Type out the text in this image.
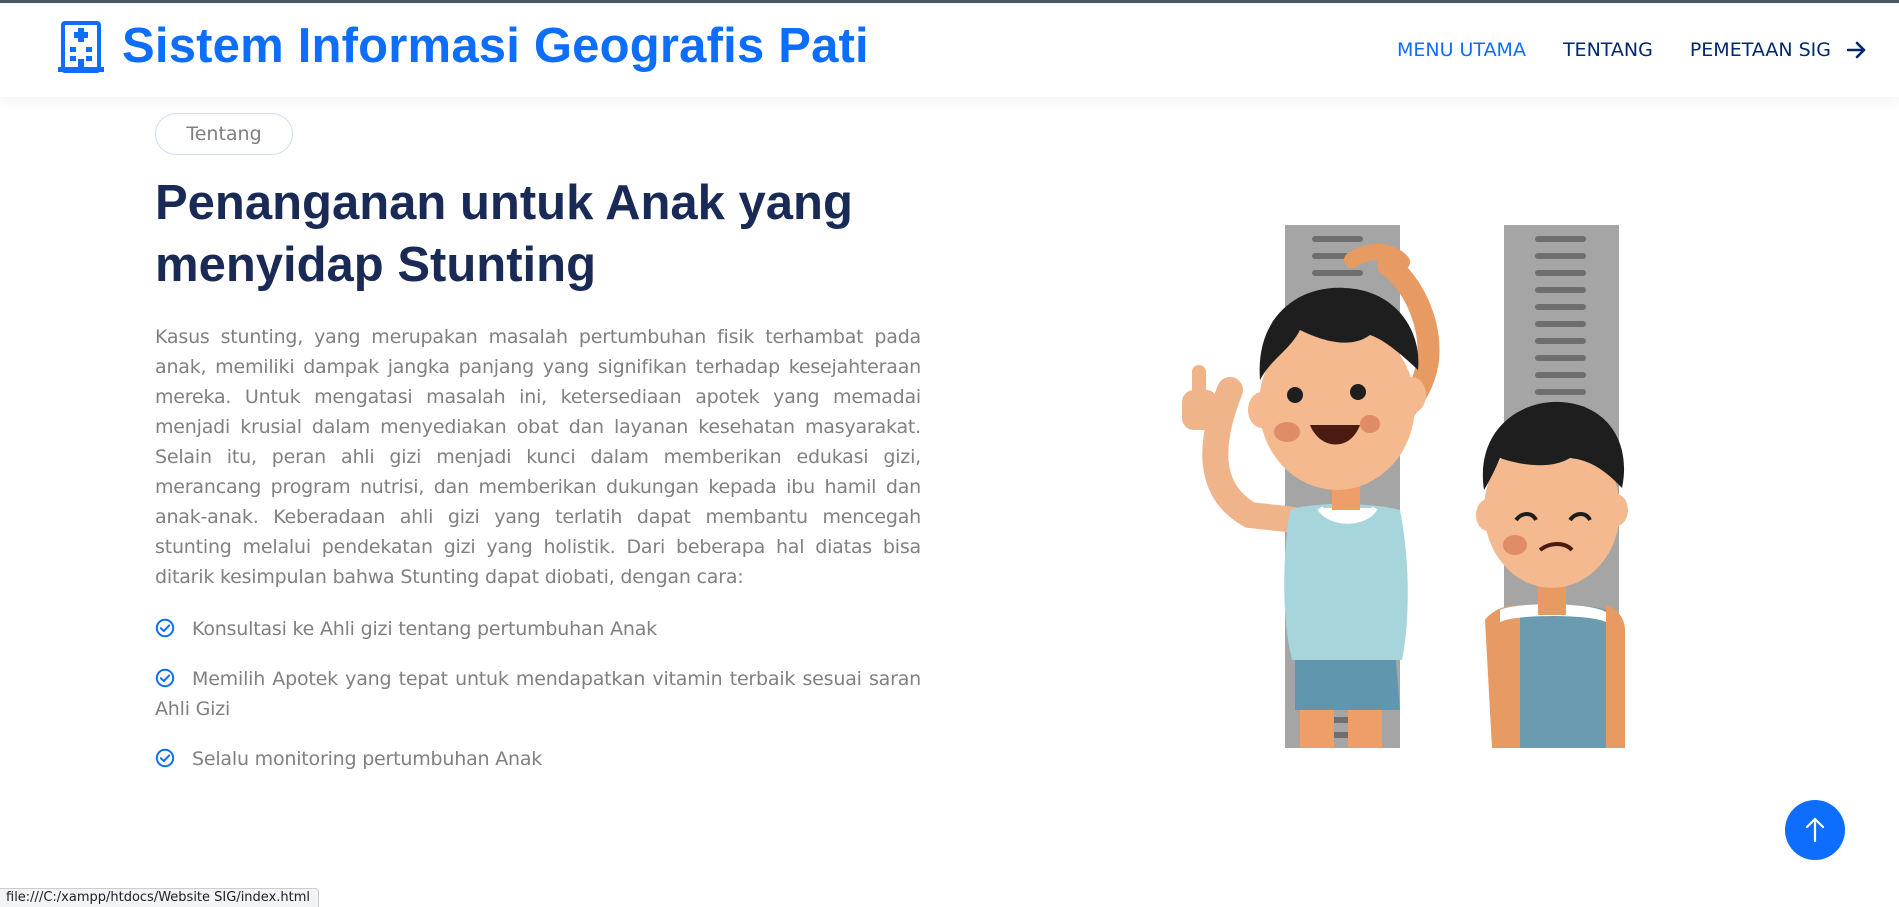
Sistem Informasi Geografis Pati	MENU UTAMA TENTANG PEMETAAN SIG
Tentang
Penanganan untuk Anak yang menyidap Stunting

Kasus stunting, yang merupakan masalah pertumbuhan fisik terhambat pada anak, memiliki dampak jangka panjang yang signifikan terhadap kesejahteraan mereka. Untuk mengatasi masalah ini, ketersediaan apotek yang memadai menjadi krusial dalam menyediakan obat dan layanan kesehatan masyarakat. Selain itu, peran ahli gizi menjadi kunci dalam memberikan edukasi gizi, merancang program nutrisi, dan memberikan dukungan kepada ibu hamil dan anak-anak. Keberadaan ahli gizi yang terlatih dapat membantu mencegah stunting melalui pendekatan gizi yang holistik. Dari beberapa hal diatas bisa ditarik kesimpulan bahwa Stunting dapat diobati, dengan cara:

Konsultasi ke Ahli gizi tentang pertumbuhan Anak
Memilih Apotek yang tepat untuk mendapatkan vitamin terbaik sesuai saran Ahli Gizi
Selalu monitoring pertumbuhan Anak
file:///C:/xampp/htdocs/Website SIG/index.html
